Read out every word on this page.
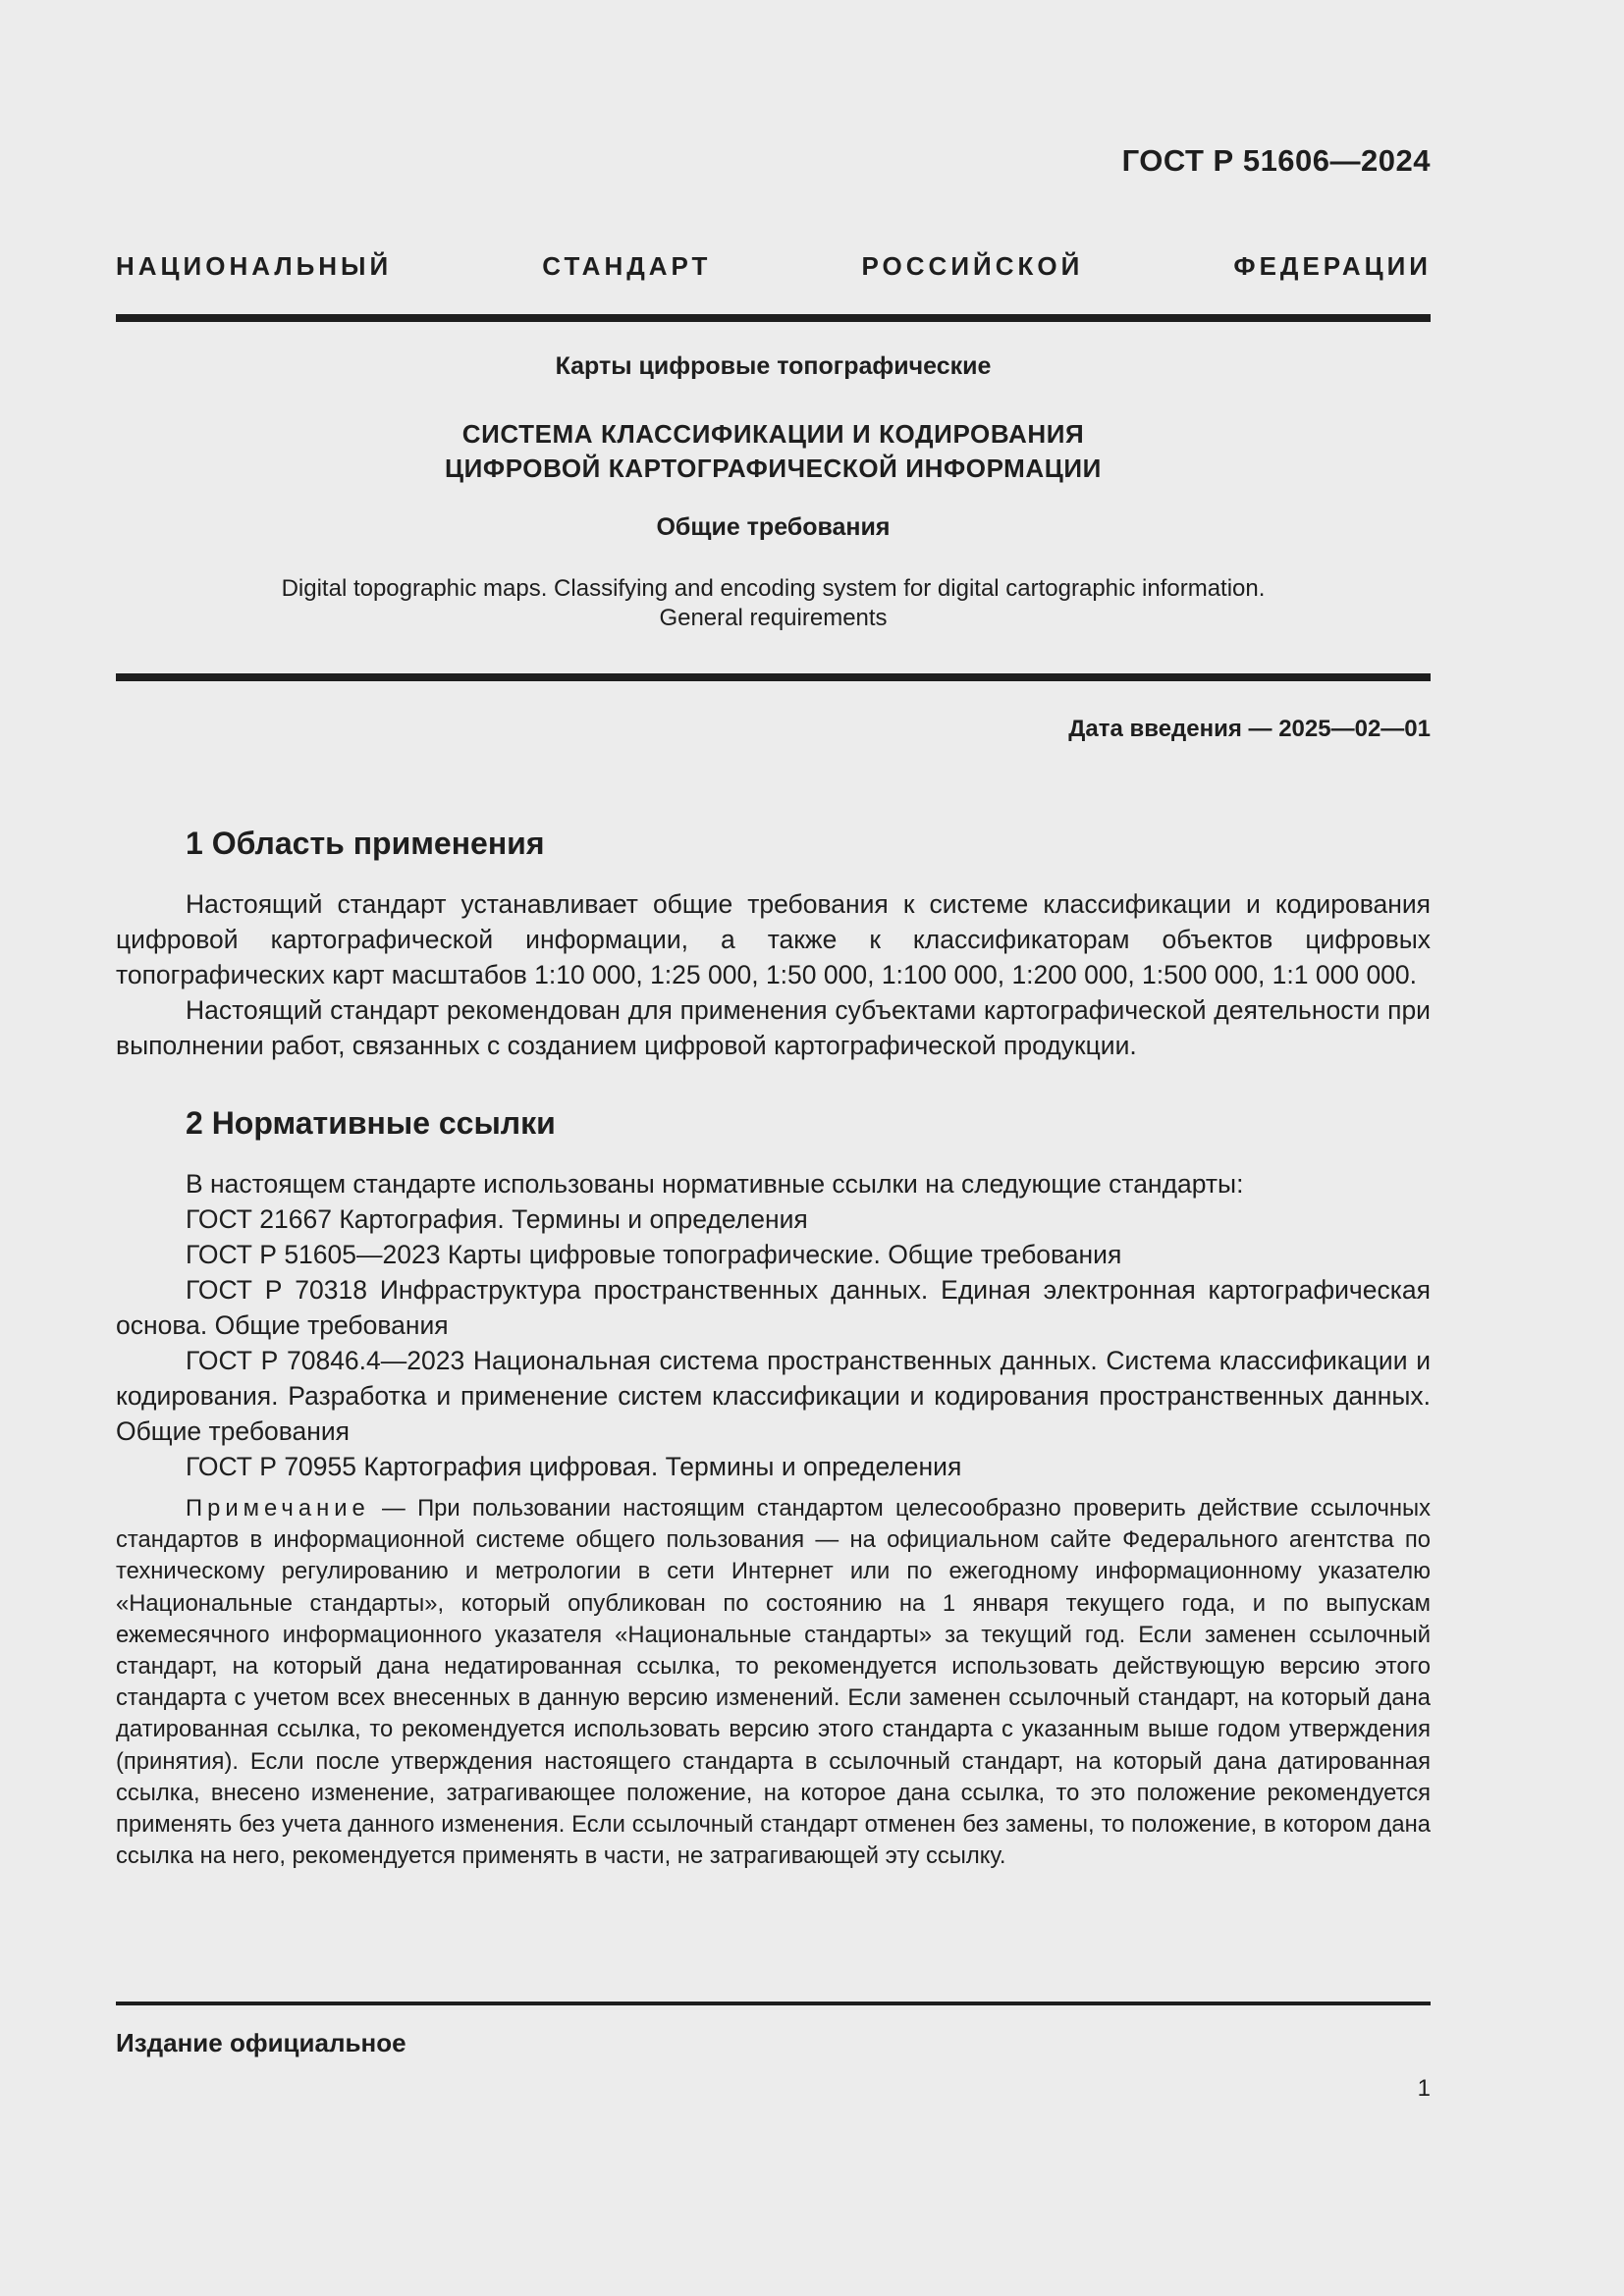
ГОСТ Р 51606—2024
НАЦИОНАЛЬНЫЙ СТАНДАРТ РОССИЙСКОЙ ФЕДЕРАЦИИ
Карты цифровые топографические
СИСТЕМА КЛАССИФИКАЦИИ И КОДИРОВАНИЯ
ЦИФРОВОЙ КАРТОГРАФИЧЕСКОЙ ИНФОРМАЦИИ
Общие требования
Digital topographic maps. Classifying and encoding system for digital cartographic information.
General requirements
Дата введения — 2025—02—01
1 Область применения

Настоящий стандарт устанавливает общие требования к системе классификации и кодирования цифровой картографической информации, а также к классификаторам объектов цифровых топографических карт масштабов 1:10 000, 1:25 000, 1:50 000, 1:100 000, 1:200 000, 1:500 000, 1:1 000 000.

Настоящий стандарт рекомендован для применения субъектами картографической деятельности при выполнении работ, связанных с созданием цифровой картографической продукции.

2 Нормативные ссылки

В настоящем стандарте использованы нормативные ссылки на следующие стандарты:

ГОСТ 21667 Картография. Термины и определения

ГОСТ Р 51605—2023 Карты цифровые топографические. Общие требования

ГОСТ Р 70318 Инфраструктура пространственных данных. Единая электронная картографическая основа. Общие требования

ГОСТ Р 70846.4—2023 Национальная система пространственных данных. Система классификации и кодирования. Разработка и применение систем классификации и кодирования пространственных данных. Общие требования

ГОСТ Р 70955 Картография цифровая. Термины и определения

Примечание — При пользовании настоящим стандартом целесообразно проверить действие ссылочных стандартов в информационной системе общего пользования — на официальном сайте Федерального агентства по техническому регулированию и метрологии в сети Интернет или по ежегодному информационному указателю «Национальные стандарты», который опубликован по состоянию на 1 января текущего года, и по выпускам ежемесячного информационного указателя «Национальные стандарты» за текущий год. Если заменен ссылочный стандарт, на который дана недатированная ссылка, то рекомендуется использовать действующую версию этого стандарта с учетом всех внесенных в данную версию изменений. Если заменен ссылочный стандарт, на который дана датированная ссылка, то рекомендуется использовать версию этого стандарта с указанным выше годом утверждения (принятия). Если после утверждения настоящего стандарта в ссылочный стандарт, на который дана датированная ссылка, внесено изменение, затрагивающее положение, на которое дана ссылка, то это положение рекомендуется применять без учета данного изменения. Если ссылочный стандарт отменен без замены, то положение, в котором дана ссылка на него, рекомендуется применять в части, не затрагивающей эту ссылку.
Издание официальное
1
